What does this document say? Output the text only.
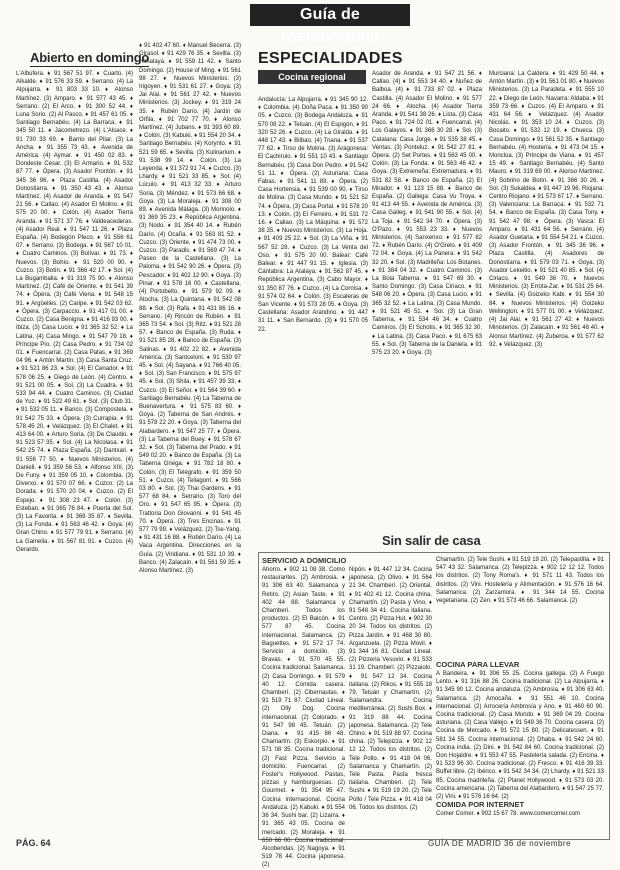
Guía de restaurantes
Abierto en domingo

L'Albufera. ♦ 91 567 51 97. ♦ Cuarto. (4) Alkalde. ♦ 91 576 33 59. ♦ Serrano. (4) La Alpujarra. ♦ 91 803 33 10. ♦ Alonso Martínez. (3) Amparo. ♦ 91 577 43 45. ♦ Serrano. (2) El Arco. ♦ 91 300 52 44. ♦ Luna Sorio. (2) Al Pasco. ♦ 91 457 61 05. ♦ Santiago Bernabéu. (4) La Barraca. ♦ 91 345 50 11. ♦ Jacometrezo. (4) L'Alsace. ♦ 91 730 33 69. ♦ Barrio del Pilar. (3) La Ancha. ♦ 91 355 73 43. ♦ Avenida de América. (4) Aymar. ♦ 91 450 02 83. ♦ Dondeste Cesar. (3) El Armario. ♦ 91 532 87 77. ♦ Ópera. (3) Asador Frontón. ♦ 91 345 36 96. ♦ Plaza Castilla. (4) Asador Donostiarra. ♦ 91 350 43 43. ♦ Alonso Martínez. (4) Asador de Aranda. ♦ 91 547 21 56. ♦ Callao. (4) Asador El Molino. ♦ 91 575 20 00. ♦ Colón. (4) Asador Tierra Aranda. ♦ 91 571 37 76. ♦ Valdeacederas. (4) Asador Real. ♦ 91 547 11 26. ♦ Plaza España. (4) Bodegón Pleco. ♦ 91 556 61 07. ♦ Serrano. (3) Bodega. ♦ 91 567 10 01. ♦ Cuatro Caminos. (3) Bolívar. ♦ 91 73. ♦ Nuevos. (3) Bohío. ♦ 91 520 00 90. ♦ Cuzco. (3) Botín. ♦ 91 366 42 17. ♦ Sol. (4) La Bugamballa. ♦ 91 319 75 90. ♦ Alonso Martínez. (2) Café de Oriente. ♦ 91 541 39 74. ♦ Ópera. (3) Café Viena. ♦ 91 548 15 91. ♦ Argüelles. (2) Caripe. ♦ 91 542 03 62. ♦ Ópera. (3) Carpaccio. ♦ 91 417 01 00. ♦ Cuzco. (2) Casa Benigna. ♦ 91 416 93 00. ♦ Ibiza. (3) Casa Lucio. ♦ 91 365 32 52. ♦ La Latina. (4) Casa Mingo. ♦ 91 547 79 18. ♦ Príncipe Pío. (2) Casa Pedro. ♦ 91 734 02 01. ♦ Fuencarral. (2) Casa Patas. ♦ 91 369 04 96. ♦ Antón Martín. (3) Casa Santa Cruz. ♦ 91 521 86 23. ♦ Sol. (4) El Cenador. ♦ 91 578 06 25. ♦ Diego de León. (4) Centro. ♦ 91 521 00 05. ♦ Sol. (3) La Cuadra. ♦ 91 533 94 44. ♦ Cuatro Caminos. (3) Ciudad de Yuz. ♦ 91 522 49 61. ♦ Sol. (3) Club 31. ♦ 91 532 05 11. ♦ Banco. (3) Compostela. ♦ 91 542 75 33. ♦ Ópera. (3) Currapia. ♦ 91 578 45 20. ♦ Velázquez. (3) El Chalet. ♦ 91 413 64 00. ♦ Arturo Soria. (3) De Claudio. ♦ 91 523 57 35. ♦ Sol. (4) La Nicolasa. ♦ 91 542 25 74. ♦ Plaza España. (2) Dantxari. ♦ 91 556 77 50. ♦ Nuevos Ministerios. (4) Daniell. ♦ 91 359 56 53. ♦ Alfonso XIII. (3) De Funy. ♦ 91 359 05 10. ♦ Colombia. (3) Diverxo. ♦ 91 570 07 66. ♦ Cuzco. (2) La Dorada. ♦ 91 570 20 04. ♦ Cuzco. (2) El Espejo. ♦ 91 308 23 47. ♦ Colón. (3) Esteban. ♦ 91 365 76 84. ♦ Puerta del Sol. (3) La Favorita. ♦ 91 369 35 87. ♦ Sevilla. (3) La Fonda. ♦ 91 563 46 42. ♦ Goya. (4) Gran Chino. ♦ 91 577 79 91. ♦ Serrano. (4) La Gamella. ♦ 91 567 81 91. ♦ Cuzco. (4) Gerardo.

♦ 91 402 47 60. ♦ Manuel Becerra. (3) Girasol. ♦ 91 429 76 35. ♦ Sevilla. (3) Himalaya. ♦ 91 559 11 42. ♦ Santo Domingo. (2) House of Ming. ♦ 91 561 98 27. ♦ Nuevos Ministerios. (3) Irigoyen. ♦ 91 531 61 27. ♦ Goya. (3) Jai Alai. ♦ 91 561 27 42. ♦ Nuevos Ministerios. (3) Jockey. ♦ 91 319 24 35. ♦ Rubén Darío. (4) Jardín de Orfila. ♦ 91 702 77 70. ♦ Alonso Martínez. (4) Jubans. ♦ 91 393 60 89. ♦ Colón. (3) Kabuki. ♦ 91 554 20 34. ♦ Santiago Bernabéu. (4) Korynto. ♦ 91 521 59 65. ♦ Sevilla. (3) Kulinarium. ♦ 91 538 99 14. ♦ Colón. (3) La Leyenda. ♦ 91 372 91 74. ♦ Cuzco. (3) Lhardy. ♦ 91 521 33 85. ♦ Sol. (4) Lúculo. ♦ 91 413 32 33. ♦ Arturo Soria. (3) Méndez. ♦ 91 573 66 68. ♦ Goya. (3) La Moraleja. ♦ 91 308 00 89. ♦ Avenida Málaga. (3) Morinolo. ♦ 91 369 35 23. ♦ República Argentina. (3) Nodo. ♦ 91 354 40 14. ♦ Rubén Darío. (4) Ocaña. ♦ 91 563 81 52. ♦ Cuzco. (3) Oriente. ♦ 91 474 73 00. ♦ Cuzco. (3) Paradis. ♦ 91 569 47 74. ♦ Paseo de la Castellana. (3) La Paloma. ♦ 91 542 90 26. ♦ Ópera. (3) Pescador. ♦ 91 402 12 90. ♦ Goya. (3) Pinar. ♦ 91 578 16 00. ♦ Castellana. (4) Portobello. ♦ 91 579 92 09. ♦ Atocha. (3) La Quintana. ♦ 91 542 08 88. ♦ Sol. (3) Rafa. ♦ 91 431 86 16. ♦ Serrano. (4) Rincón de Rubén. ♦ 91 365 73 54. ♦ Sol. (3) Ritz. ♦ 91 521 28 57. ♦ Banco de España. (3) Ruda. ♦ 91 521 85 28. ♦ Banco de España. (3) Salinas. ♦ 91 402 22 82. ♦ Avenida América. (3) Santceloni. ♦ 91 530 97 45. ♦ Sol. (4) Sayana. ♦ 91 766 40 05. ♦ Sol. (3) San Francisco. ♦ 91 575 97 45. ♦ Sol. (3) Shila. ♦ 91 457 39 33. ♦ Cuzco. (3) El Señor. ♦ 91 564 39 60. ♦ Santiago Bernabéu. (4) La Taberna de Buenavertura. ♦ 91 575 83 60. ♦ Goya. (2) Taberna de San Andrés. ♦ 91 578 22 20. ♦ Goya. (3) Taberna del Alabardero. ♦ 91 547 25 77. ♦ Ópera. (3) La Taberna del Buey. ♦ 91 578 67 32. ♦ Sol. (3) Taberna del Prado. ♦ 91 549 02 20. ♦ Banco de España. (3) La Taberna Griega. ♦ 91 782 18 80. ♦ Colón. (3) El Telégrafo. ♦ 91 359 50 51. ♦ Cuzco. (4) Tellagorri. ♦ 91 566 03 80. ♦ Sol. (3) Thai Gardens. ♦ 91 577 68 84. ♦ Serrano. (3) Toro del Oro. ♦ 91 547 65 95. ♦ Ópera. (3) Trattoria Don Giovanni. ♦ 91 541 45 70. ♦ Ópera. (3) Tres Encinas. ♦ 91 577 79 99. ♦ Velázquez. (2) Tse-Yang. ♦ 91 431 16 88. ♦ Rubén Darío. (4) La Vaca Argentina. Direcciones en la Guía. (2) Viridiana. ♦ 91 531 10 39. ♦ Banco. (4) Zalacaín. ♦ 91 561 59 35. ♦ Alonso Martínez. (3)

ESPECIALIDADES
Cocina regional

Andalucía: La Alpujarra. ♦ 91 345 90 12. ♦ Colombia. (4) Doña Paca. ♦ 91 350 90 05. ♦ Cuzco. (3) Bodega Andaluza. ♦ 91 570 08 22. ♦ Tetuán. (4) El Espigón. ♦ 91 320 52 26. ♦ Cuzco. (4) La Giralda. ♦ 91 448 17 43. ♦ Bilbao. (4) Triana. ♦ 91 537 77 62. ♦ Tirso de Molina. (3) Aragonesa: El Cachirulo. ♦ 91 551 10 43. ♦ Santiago Bernabéu. (3) Casa Don Pedro. ♦ 91 542 51 11. ♦ Ópera. (2) Asturiana: Casa Fabas. ♦ 91 541 11 89. ♦ Ópera. (2) Casa Hortensia. ♦ 91 539 00 90. ♦ Tirso de Molina. (3) Casa Mundo. ♦ 91 521 52 74. ♦ Ópera. (3) Casa Portal. ♦ 91 578 20 13. ♦ Colón. (3) El Ferreiro. ♦ 91 531 72 16. ♦ Callao. (3) La Máquina. ♦ 91 572 38 35. ♦ Nuevos Ministerios. (3) La Hoja. ♦ 91 409 25 22. ♦ Sol. (3) La Viña. ♦ 91 567 52 28. ♦ Cuzco. (3) La Venta del Oso. ♦ 91 575 20 00. Balear: Café Balear. ♦ 91 447 91 15. ♦ Iglesia. (3) Cántabra: La Atalaya. ♦ 91 562 87 45. ♦ República Argentina. (3) Cabo Mayor. ♦ 91 350 87 76. ♦ Cuzco. (4) La Cornisa. ♦ 91 574 02 64. ♦ Colón. (3) Escaleras de San Vicente. ♦ 91 573 28 05. ♦ Goya. (3) Castellana: Asador Arandino. ♦ 91 447 31 11. ♦ San Bernardo. (3) ♦ 91 570 05 22.

Asador de Aranda. ♦ 91 547 21 56. ♦ Callao. (4) ♦ 91 553 34 40. ♦ Nuñez de Balboa. (4) ♦ 91 733 87 02. ♦ Plaza Castilla. (4) Asador El Molino. ♦ 91 577 24 66. ♦ Atocha. (4) Asador Tierra Aranda. ♦ 91 541 38 26. ♦ Lista. (3) Casa Paco. ♦ 91 724 02 01. ♦ Fuencarral. (4) Los Galayos. ♦ 91 366 30 28. ♦ Sol. (3) Catalana: Casa Jorge. ♦ 91 535 38 45. ♦ Ventas. (3) Ponteluz. ♦ 91 542 27 81. ♦ Ópera. (2) Set Portes. ♦ 91 563 45 00. ♦ Colón. (3) La Fonda. ♦ 91 563 46 42. ♦ Goya. (3) Extremeña: Extremadura. ♦ 91 531 82 58. ♦ Banco de España. (2) El Mirador. ♦ 91 123 15 88. ♦ Banco de España. (2) Gallega: Casa Vu Troya. ♦ 91 413 44 55. ♦ Avenida de América. (3) Casa Galleg. ♦ 91 541 90 55. ♦ Sol. (4) La Toja. ♦ 91 542 34 70. ♦ Ópera. (3) O'Pazo. ♦ 91 553 23 33. ♦ Nuevos Ministerios. (4) Sanxenxo. ♦ 91 577 82 72. ♦ Rubén Darío. (4) O'Grelo. ♦ 91 409 72 04. ♦ Goya. (4) La Panera. ♦ 91 542 32 20. ♦ Sol. (3) Madrileña: Los Botanes. ♦ 91 384 04 32. ♦ Cuatro Caminos. (3) La Bola Taberna. ♦ 91 547 69 30. ♦ Santo Domingo. (3) Casa Ciriaco. ♦ 91 548 06 20. ♦ Ópera. (3) Casa Lucio. ♦ 91 365 32 52. ♦ La Latina. (3) Casa Mundo. ♦ 91 521 45 51. ♦ Sol. (3) La Gran Taberna. ♦ 91 534 46 34. ♦ Cuatro Caminos. (3) El Schotis. ♦ 91 365 32 30. ♦ La Latina. (3) Casa Paco. ♦ 91 675 63 55. ♦ Sol. (3) Taberna de la Daniela. ♦ 91 575 23 20. ♦ Goya. (3)

Murciana: La Caldera. ♦ 91 429 50 44. ♦ Antón Martín. (3) ♦ 91 561 01 80. ♦ Nuevos Ministerios. (3) La Paradeta. ♦ 91 555 10 22. ♦ Diego de León. Navarra: Aldaba. ♦ 91 359 73 66. ♦ Cuzco. (4) El Amparo. ♦ 91 431 64 56. ♦ Velázquez. (4) Asador Nicolás. ♦ 91 353 10 24. ♦ Cuzco. (3) Bocaito. ♦ 91 532 12 19. ♦ Chueca. (3) Casa Domingo. ♦ 91 561 52 35. ♦ Santiago Bernabéu. (4) Hostería. ♦ 91 473 04 15. ♦ Moncloa. (3) Príncipe de Viana. ♦ 91 457 15 49. ♦ Santiago Bernabéu. (4) Santo Mauro. ♦ 91 319 69 00. ♦ Alonso Martínez. (4) Sobrino de Botín. ♦ 91 366 30 26. ♦ Sol. (3) Sukaldea. ♦ 91 447 19 96. Riojana: Centro Riojano. ♦ 91 573 67 17. ♦ Serrano. (3) Valenciana: La Barraca. ♦ 91 532 71 54. ♦ Banco de España. (3) Casa Tony. ♦ 91 542 47 98. ♦ Ópera. (3) Vasca: El Amparo. ♦ 91 431 64 56. ♦ Serrano. (4) Asador Guetaria. ♦ 91 554 54 21. ♦ Cuzco. (3) Asador Frontón. ♦ 91 345 36 96. ♦ Plaza Castilla. (4) Asadores de Donostiarra. ♦ 91 579 03 71. ♦ Goya. (3) Asador Lekeitio. ♦ 91 521 40 85. ♦ Sol. (4) Ciriaco. ♦ 91 549 36 70. ♦ Nuevos Ministerios. (3) Errota-Zar. ♦ 91 531 25 64. ♦ Sevilla. (4) Goizeko Kabi. ♦ 91 554 30 84. ♦ Nuevos Ministerios. (4) Goizeko Wellington. ♦ 91 577 01 00. ♦ Velázquez. (4) Jai Alai. ♦ 91 561 27 42. ♦ Nuevos Ministerios. (3) Zalacaín. ♦ 91 561 48 40. ♦ Alonso Martínez. (4) Zuberoa. ♦ 91 577 62 92. ♦ Velázquez. (3)

Sin salir de casa
SERVICIO A DOMICILIO
Ahorro. ♦ 902 11 08 38. Como restaurantes. (2) Ambrosia. ♦ 91 306 63 40. Salamanca y Retiro. (2) Asian Taste. ♦ 91 402 44 88. Salamanca y Chamberí. Todos los productos. (2) El Balcón. ♦ 91 577 87 45. Cocina internacional. Salamanca. (2) Baguettes. ♦ 91 572 17 74. Servicio a domicilio. (3) Bravas. ♦ 91 570 45 55. Cocina tradicional. Salamanca. (2) Casa Domingo. ♦ 91 579 40 12. Comida casera. Chamberí. (2) Cibernautas. ♦ 91 519 71 87. Ciudad Lineal. (2) Olly Dog. Cocina internacional. (2) Colorado. ♦ 91 547 98 45. Tetuán. (2) Diana. ♦ 91 415 86 48. Chamartín. (3) Eskorpio. ♦ 91 571 08 35. Cocina tradicional. (2) Fast Pizza. Servicio a domicilio. Fuencarral. (2) Foster's Hollywood. Pastas, pizzas y hamburguesas. (2) Gourmet. ♦ 91 354 95 47. Cocina internacional. Cocina Andaluza. (2) Kabuki. ♦ 91 554 36 34. Sushi bar. (2) Lizarra. ♦ 91 365 43 05. Cocina de mercado. (2) Moraleja. ♦ 91 650 66 00. Cocina tradicional. Alcobendas. (2) Nagoya. ♦ 91 519 78 44. Cocina japonesa. (2)
Nipón. ♦ 91 447 12 34. Cocina japonesa. (2) Olivo. ♦ 91 564 21 34. Chamberí. (2) Oriental. ♦ 91 402 41 12. Cocina china. Chamartín. (2) Pasta y Vino. ♦ 91 548 34 41. Cocina italiana. Centro. (2) Pizza Hut. ♦ 902 30 20 34. Todos los distritos. (2) Pizza Jardín. ♦ 91 468 30 80. Arganzuela. (2) Pizza Movil. ♦ 91 344 16 81. Ciudad Lineal. (2) Pizzeria Vesuvio. ♦ 91 533 31 19. Chamberí. (2) Pizzaiolo. ♦ 91 547 12 34. Cocina italiana. (2) Rikos. ♦ 91 555 18 79. Tetuán y Chamartín. (2) Salamandra. Cocina mediterránea. (2) Sushi Box. ♦ 91 319 88 44. Cocina japonesa. Salamanca. (2) Tele Chino. ♦ 91 519 88 97. Cocina china. (2) Telepizza. ♦ 902 12 12 12. Todos los distritos. (2) Tele Pollo. ♦ 91 418 04 06. Salamanca y Chamartín. (2) Tele Pasta. Pasta fresca italiana. Chamberí. (2) Tele Sushi. ♦ 91 519 19 20. (2) Tele Pollo / Tele Pizza. ♦ 91 418 04 06. Todos los distritos. (2)
Chamartín. (2) Tele Sushi. ♦ 91 519 19 20. (2) Telepastilla. ♦ 91 547 43 32. Salamanca. (2) Telepizza. ♦ 902 12 12 12. Todos los distritos. (2) Tony Roma's. ♦ 91 571 11 43. Todos los distritos. (2) Vini. Hostelería y Alimentación. ♦ 91 576 16 64. Salamanca. (2) Zarzamora. ♦ 91 344 14 55. Cocina vegetariana. (2) Zen. ♦ 91 573 46 66. Salamanca. (2)
COCINA PARA LLEVAR
A Bandeira. ♦ 91 306 55 25. Cocina gallega. (2) A Fuego Lento. ♦ 91 316 88 26. Cocina tradicional. (2) La Alpujarra. ♦ 91 345 90 12. Cocina andaluza. (2) Ambrosia. ♦ 91 306 63 40. Salamanca. (2) Amocaña. ♦ 91 551 46 10. Cocina internacional. (2) Arrocería Ambrosía y Ano. ♦ 91 460 60 90. Cocina tradicional. (2) Casa Mundo. ♦ 91 369 04 29. Cocina asturiana. (2) Casa Vallejo. ♦ 91 549 36 70. Cocina casera. (2) Cocina de Mercado. ♦ 91 572 15 80. (2) Delicatessen. ♦ 91 581 34 55. Cocina internacional. (2) Dhaba. ♦ 91 542 24 60. Cocina india. (2) Dini. ♦ 91 542 84 60. Cocina tradicional. (2) Don Hojaldre. ♦ 91 553 47 55. Pastelería salada. (2) Encina. ♦ 91 523 96 30. Cocina tradicional. (2) Fresco. ♦ 91 416 39 33. Buffet libre. (2) Ibérico. ♦ 91 542 34 34. (2) Lhardy. ♦ 91 521 33 85. Cocina madrileña. (2) Planet Hollywood. ♦ 91 573 03 20. Cocina americana. (2) Taberna del Alabardero. ♦ 91 547 25 77. (2) Vini. ♦ 91 576 16 64. (2)
COMIDA POR INTERNET
Comer Comer. ♦ 902 15 67 78. www.comercomer.com
PÁG. 64	GUÍA DE MADRID 36 de noviembre
